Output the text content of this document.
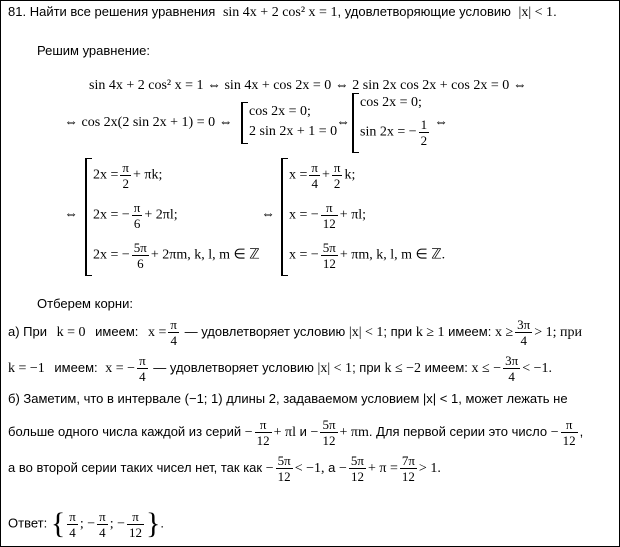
81. Найти все решения уравнения sin 4x + 2 cos² x = 1, удовлетворяющие условию |x| < 1.
Решим уравнение:
sin 4x + 2 cos² x = 1 ⇔ sin 4x + cos 2x = 0 ⇔ 2 sin 2x cos 2x + cos 2x = 0 ⇔
⇔ cos 2x(2 sin 2x + 1) = 0 ⇔
cos 2x = 0;
2 sin 2x + 1 = 0
⇔
cos 2x = 0;
sin 2x = − $\frac{1}{2}$ ⇔
⇔
$2x = \frac{\pi}{2} + \pi k$;
2x = − $\frac{\pi}{6} + 2\pi l$;
2x = − $\frac{5\pi}{6} + 2\pi m$, k, l, m ∈ ℤ
⇔
$x = \frac{\pi}{4} + \frac{\pi}{2} k$;
x = − $\frac{\pi}{12} + \pi l$;
x = − $\frac{5\pi}{12} + \pi m$, k, l, m ∈ ℤ.
Отберем корни:
а) При k = 0 имеем: $x = \frac{\pi}{4}$ — удовлетворяет условию |x| < 1; при k ≥ 1 имеем: $x \ge \frac{3\pi}{4} > 1$; при
k = −1 имеем: x = − $\frac{\pi}{4}$ — удовлетворяет условию |x| < 1; при k ≤ −2 имеем: x ≤ − $\frac{3\pi}{4} < -1$.
б) Заметим, что в интервале (−1; 1) длины 2, задаваемом условием |x| < 1, может лежать не
больше одного числа каждой из серий − $\frac{\pi}{12} + \pi l$ $и - \frac{5\pi}{12} + \pi m$. Для первой серии это число − $\frac{\pi}{12}$ ,
а во второй серии таких чисел нет, так как − $\frac{5\pi}{12} < -1$, $а - \frac{5\pi}{12} + \pi = \frac{7\pi}{12} > 1$.
Ответ: { $\frac{\pi}{4}$ ; − $\frac{\pi}{4}$ ; − $\frac{\pi}{12}$ }.
